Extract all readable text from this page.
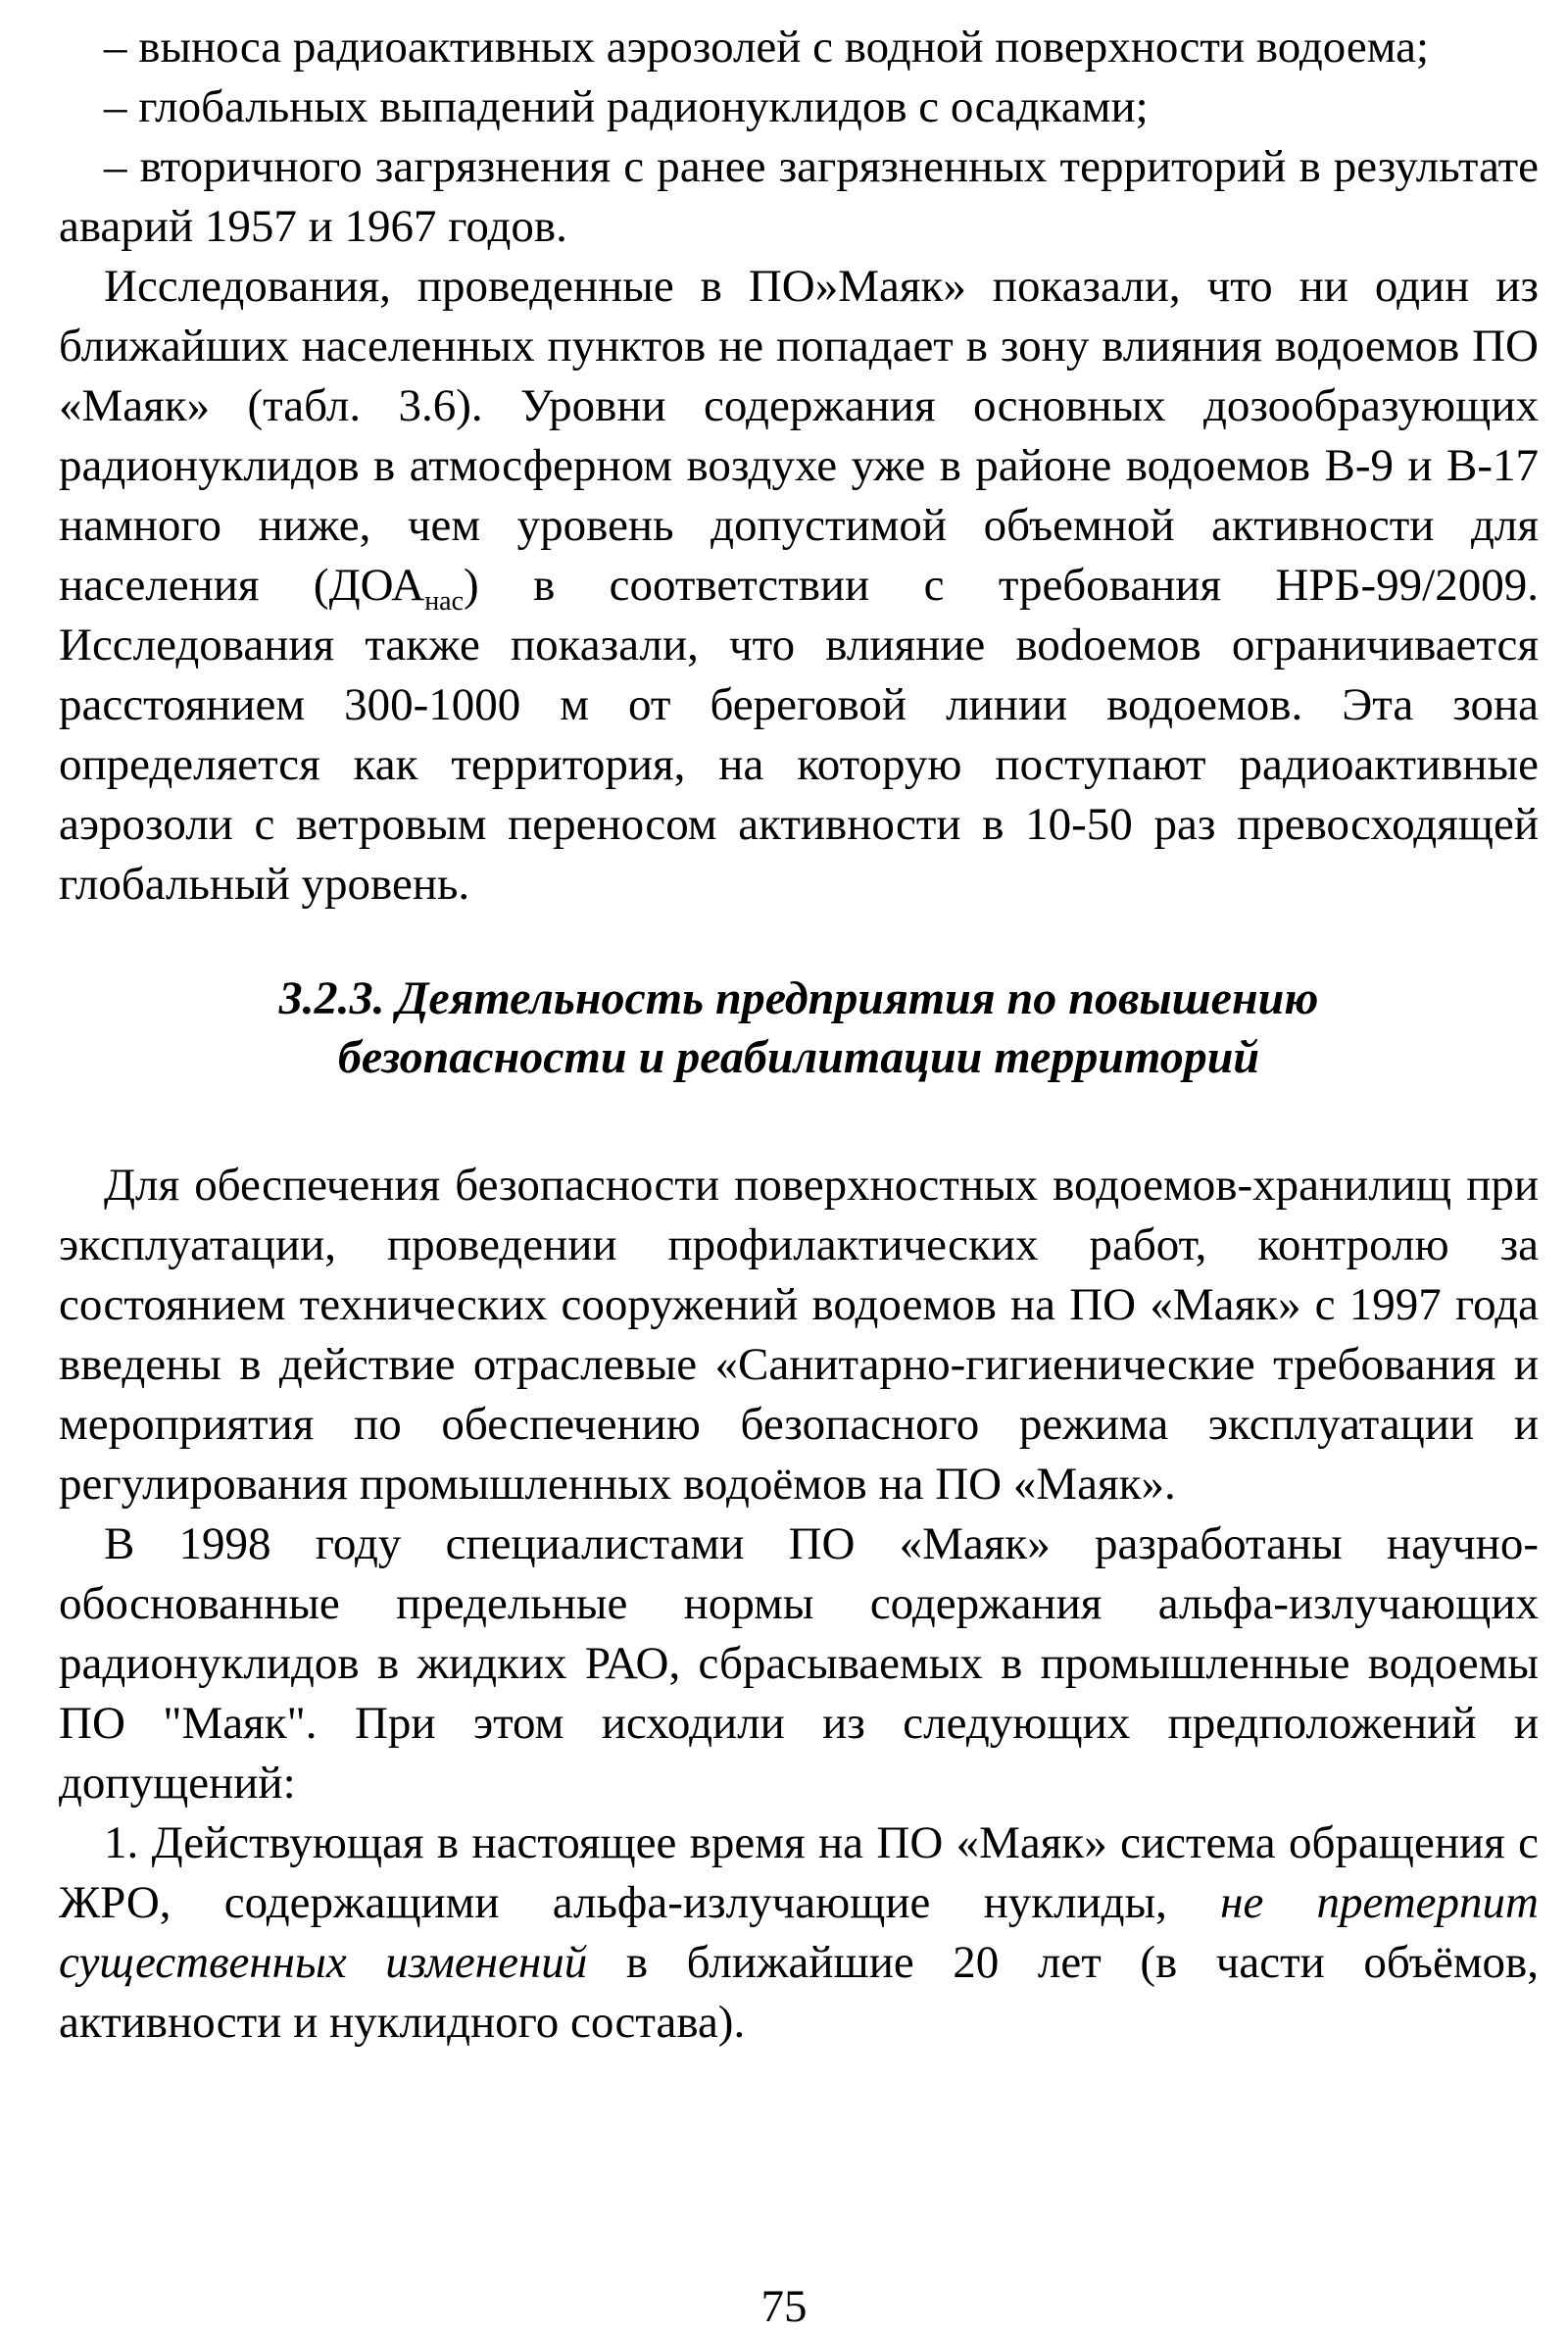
– выноса радиоактивных аэрозолей с водной поверхности водоема;

– глобальных выпадений радионуклидов с осадками;

– вторичного загрязнения с ранее загрязненных территорий в результате аварий 1957 и 1967 годов.

Исследования, проведенные в ПО»Маяк» показали, что ни один из ближайших населенных пунктов не попадает в зону влияния водоемов ПО «Маяк» (табл. 3.6). Уровни содержания основных дозообразующих радионуклидов в атмосферном воздухе уже в районе водоемов В-9 и В-17 намного ниже, чем уровень допустимой объемной активности для населения $(ДОА_{нас})$ в соответствии с требования НРБ-99/2009. Исследования также показали, что влияние воdоемов ограничивается расстоянием 300-1000 м от береговой линии водоемов. Эта зона определяется как территория, на которую поступают радиоактивные аэрозоли с ветровым переносом активности в 10-50 раз превосходящей глобальный уровень.

3.2.3. Деятельность предприятия по повышению
безопасности и реабилитации территорий

Для обеспечения безопасности поверхностных водоемов-хранилищ при эксплуатации, проведении профилактических работ, контролю за состоянием технических сооружений водоемов на ПО «Маяк» с 1997 года введены в действие отраслевые «Санитарно-гигиенические требования и мероприятия по обеспечению безопасного режима эксплуатации и регулирования промышленных водоёмов на ПО «Маяк».

В 1998 году специалистами ПО «Маяк» разработаны научно-обоснованные предельные нормы содержания альфа-излучающих радионуклидов в жидких РАО, сбрасываемых в промышленные водоемы ПО "Маяк". При этом исходили из следующих предположений и допущений:

1. Действующая в настоящее время на ПО «Маяк» система обращения с ЖРО, содержащими альфа-излучающие нуклиды, не претерпит существенных изменений в ближайшие 20 лет (в части объёмов, активности и нуклидного состава).

75
